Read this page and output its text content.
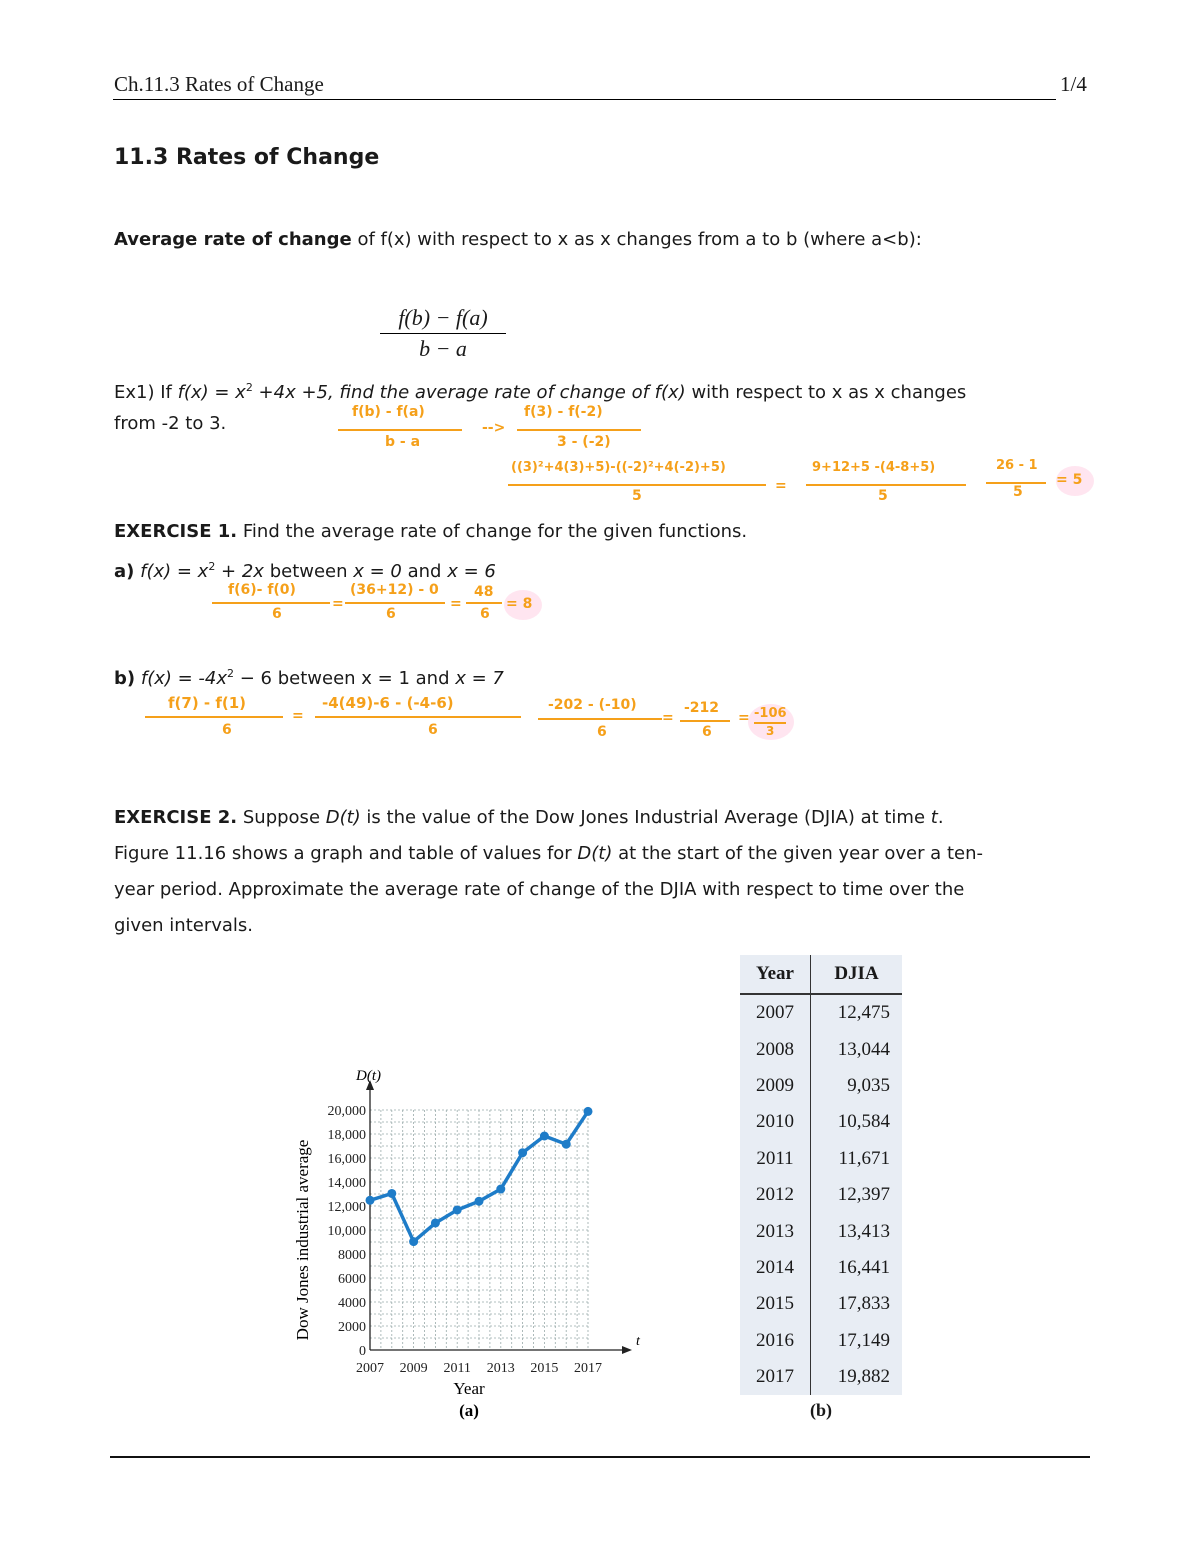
Ch.11.3 Rates of Change	1/4
11.3 Rates of Change
Average rate of change of f(x) with respect to x as x changes from a to b (where a<b):
$\frac{f(b) - f(a)}{b - a}$
Ex1) If $f(x) = x^2 +4x +5$, find the average rate of change of f(x) with respect to x as x changes
from -2 to 3.
f(b) - f(a)
b - a
-->
f(3) - f(-2)
3 - (-2)
((3)²+4(3)+5)-((-2)²+4(-2)+5)
5
=
9+12+5 -(4-8+5)
5
26 - 1
5
= 5
EXERCISE 1. Find the average rate of change for the given functions.
a) $f(x) = x^2 + 2x$ between x = 0 and x = 6
f(6)- f(0)
6
=
(36+12) - 0
6
=
48
6
= 8
b) $f(x) = -4x^2 - 6$ between x = 1 and x = 7
f(7) - f(1)
6
=
-4(49)-6 - (-4-6)
6
-202 - (-10)
6
=
-212
6
= -106
3
EXERCISE 2. Suppose D(t) is the value of the Dow Jones Industrial Average (DJIA) at time t.
Figure 11.16 shows a graph and table of values for D(t) at the start of the given year over a ten-
year period. Approximate the average rate of change of the DJIA with respect to time over the
given intervals.
0
2000
4000
6000
8000
10,000
12,000
14,000
16,000
18,000
20,000
2007 2009 2011 2013 2015 2017
Dow Jones industrial average
D(t)
t
Year
(a)
Year	DJIA
2007	12,475
2008	13,044
2009	9,035
2010	10,584
2011	11,671
2012	12,397
2013	13,413
2014	16,441
2015	17,833
2016	17,149
2017	19,882
(b)
